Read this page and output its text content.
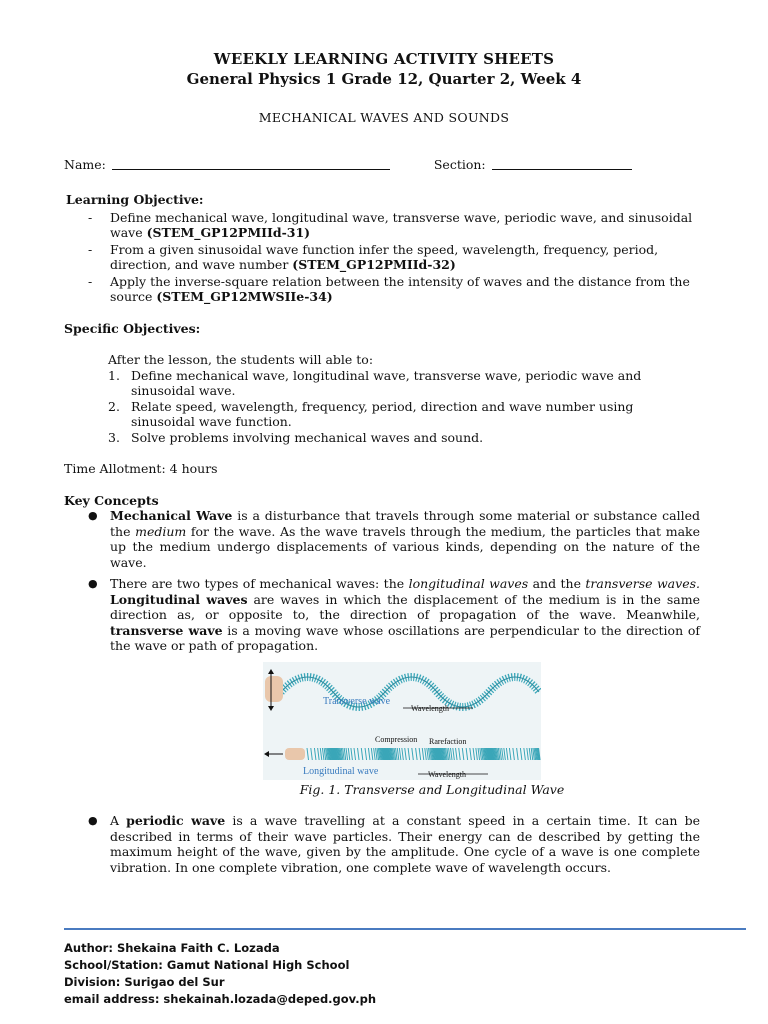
WEEKLY LEARNING ACTIVITY SHEETS
General Physics 1 Grade 12, Quarter 2, Week 4
MECHANICAL WAVES AND SOUNDS
Name:	Section:
Learning Objective:
- Define mechanical wave, longitudinal wave, transverse wave, periodic wave, and sinusoidal wave (STEM_GP12PMIId-31)
- From a given sinusoidal wave function infer the speed, wavelength, frequency, period, direction, and wave number (STEM_GP12PMIId-32)
- Apply the inverse-square relation between the intensity of waves and the distance from the source (STEM_GP12MWSIIe-34)
Specific Objectives:
After the lesson, the students will able to:
1. Define mechanical wave, longitudinal wave, transverse wave, periodic wave and sinusoidal wave.
2. Relate speed, wavelength, frequency, period, direction and wave number using sinusoidal wave function.
3. Solve problems involving mechanical waves and sound.
Time Allotment: 4 hours
Key Concepts
● Mechanical Wave is a disturbance that travels through some material or substance called the medium for the wave. As the wave travels through the medium, the particles that make up the medium undergo displacements of various kinds, depending on the nature of the wave.
● There are two types of mechanical waves: the longitudinal waves and the transverse waves. Longitudinal waves are waves in which the displacement of the medium is in the same direction as, or opposite to, the direction of propagation of the wave. Meanwhile, transverse wave is a moving wave whose oscillations are perpendicular to the direction of the wave or path of propagation.
Transverse wave
Wavelength
Compression Rarefaction
Longitudinal wave	Wavelength
Fig. 1. Transverse and Longitudinal Wave
● A periodic wave is a wave travelling at a constant speed in a certain time. It can be described in terms of their wave particles. Their energy can de described by getting the maximum height of the wave, given by the amplitude. One cycle of a wave is one complete vibration. In one complete vibration, one complete wave of wavelength occurs.
Author: Shekaina Faith C. Lozada
School/Station: Gamut National High School
Division: Surigao del Sur
email address: shekainah.lozada@deped.gov.ph
